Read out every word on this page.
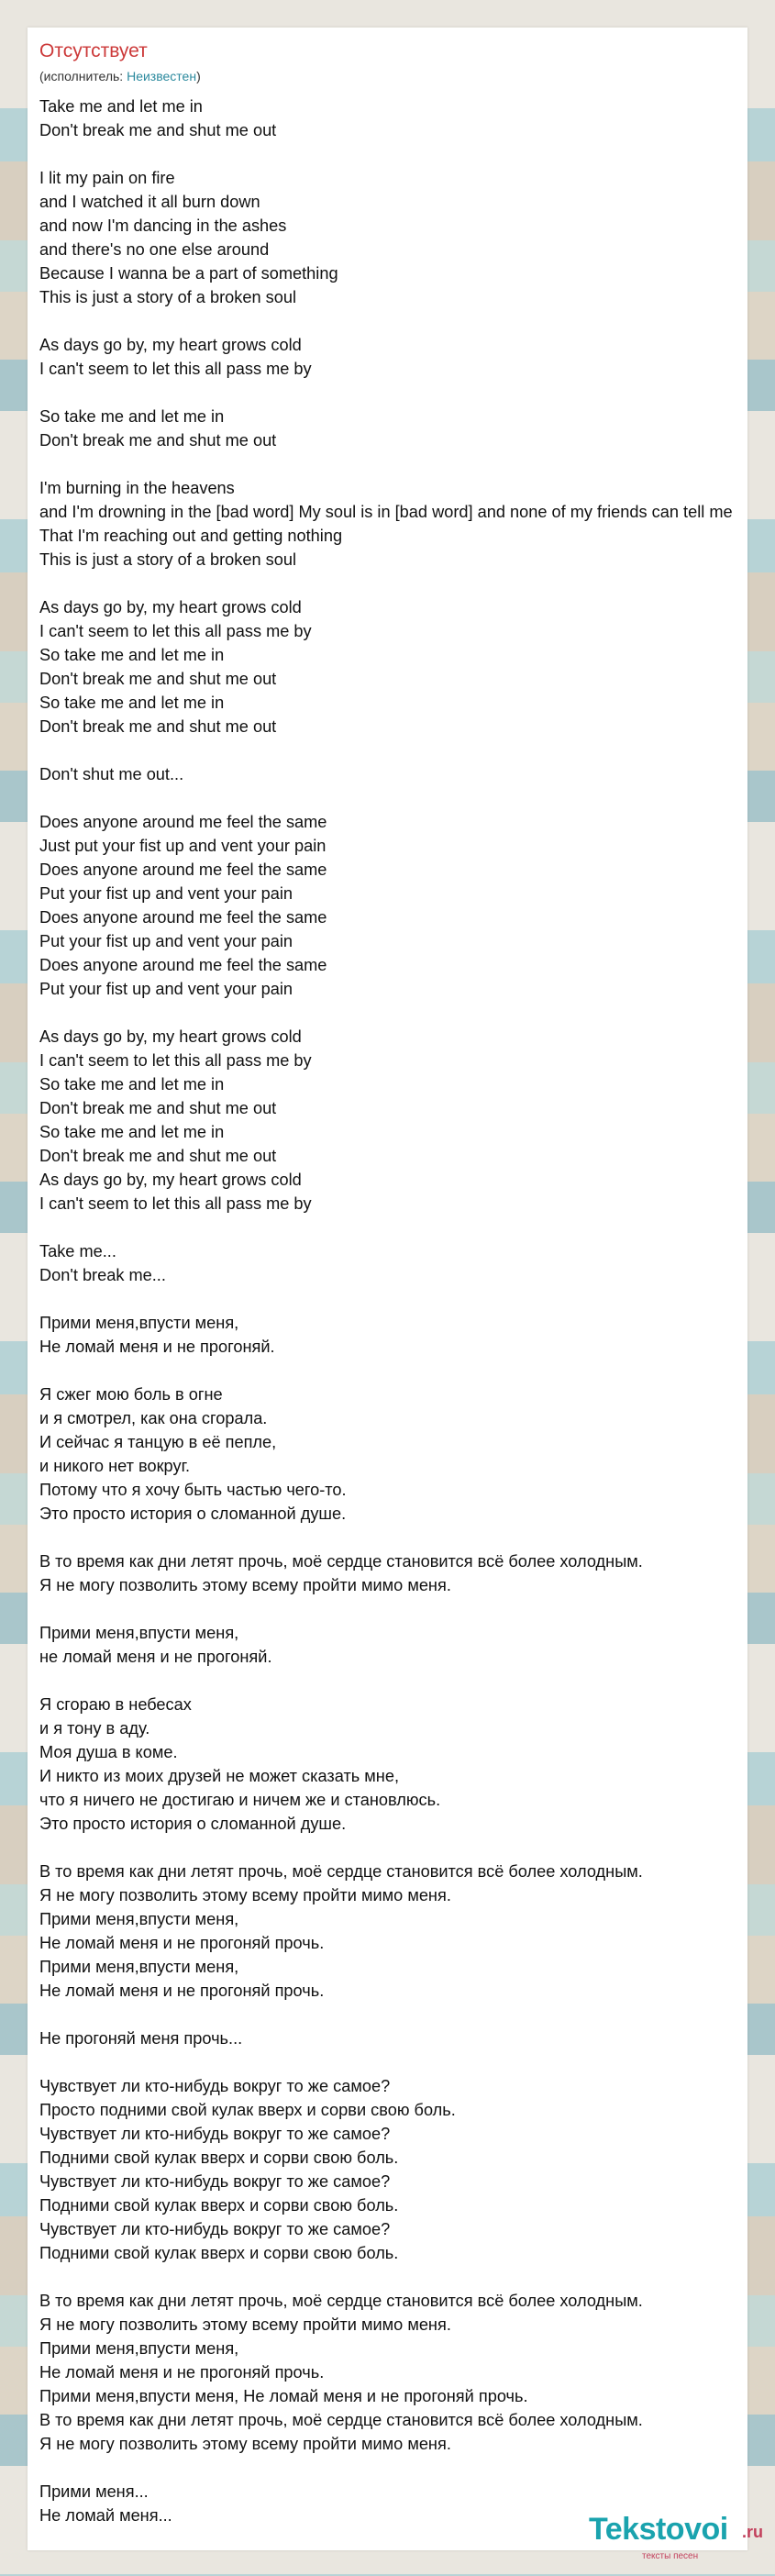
Отсутствует
(исполнитель: Неизвестен)
Take me and let me in
Don't break me and shut me out

I lit my pain on fire
and I watched it all burn down
and now I'm dancing in the ashes
and there's no one else around
Because I wanna be a part of something
This is just a story of a broken soul

As days go by, my heart grows cold
I can't seem to let this all pass me by

So take me and let me in
Don't break me and shut me out

I'm burning in the heavens
and I'm drowning in the [bad word] My soul is in [bad word] and none of my friends can tell me
That I'm reaching out and getting nothing
This is just a story of a broken soul

As days go by, my heart grows cold
I can't seem to let this all pass me by
So take me and let me in
Don't break me and shut me out
So take me and let me in
Don't break me and shut me out

Don't shut me out...

Does anyone around me feel the same
Just put your fist up and vent your pain
Does anyone around me feel the same
Put your fist up and vent your pain
Does anyone around me feel the same
Put your fist up and vent your pain
Does anyone around me feel the same
Put your fist up and vent your pain

As days go by, my heart grows cold
I can't seem to let this all pass me by
So take me and let me in
Don't break me and shut me out
So take me and let me in
Don't break me and shut me out
As days go by, my heart grows cold
I can't seem to let this all pass me by

Take me...
Don't break me...

Прими меня,впусти меня,
Не ломай меня и не прогоняй.

Я сжег мою боль в огне
и я смотрел, как она сгорала.
И сейчас я танцую в её пепле,
и никого нет вокруг.
Потому что я хочу быть частью чего-то.
Это просто история о сломанной душе.

В то время как дни летят прочь, моё сердце становится всё более холодным.
Я не могу позволить этому всему пройти мимо меня.

Прими меня,впусти меня,
не ломай меня и не прогоняй.

Я сгораю в небесах
и я тону в аду.
Моя душа в коме.
И никто из моих друзей не может сказать мне,
что я ничего не достигаю и ничем же и становлюсь.
Это просто история о сломанной душе.

В то время как дни летят прочь, моё сердце становится всё более холодным.
Я не могу позволить этому всему пройти мимо меня.
Прими меня,впусти меня,
Не ломай меня и не прогоняй прочь.
Прими меня,впусти меня,
Не ломай меня и не прогоняй прочь.

Не прогоняй меня прочь...

Чувствует ли кто-нибудь вокруг то же самое?
Просто подними свой кулак вверх и сорви свою боль.
Чувствует ли кто-нибудь вокруг то же самое?
Подними свой кулак вверх и сорви свою боль.
Чувствует ли кто-нибудь вокруг то же самое?
Подними свой кулак вверх и сорви свою боль.
Чувствует ли кто-нибудь вокруг то же самое?
Подними свой кулак вверх и сорви свою боль.

В то время как дни летят прочь, моё сердце становится всё более холодным.
Я не могу позволить этому всему пройти мимо меня.
Прими меня,впусти меня,
Не ломай меня и не прогоняй прочь.
Прими меня,впусти меня, Не ломай меня и не прогоняй прочь.
В то время как дни летят прочь, моё сердце становится всё более холодным.
Я не могу позволить этому всему пройти мимо меня.

Прими меня...
Не ломай меня...	Tekstovoi .ru
тексты песен
